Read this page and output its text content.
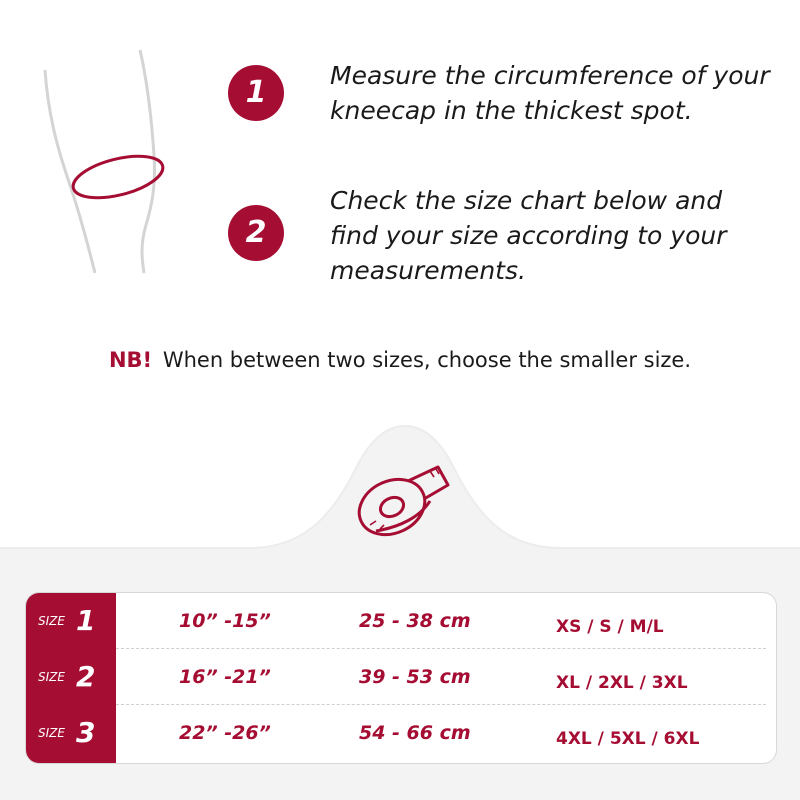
1	Measure the circumference of your kneecap in the thickest spot.
2
Check the size chart below and find your size according to your measurements.
NB! When between two sizes, choose the smaller size.
SIZE 1	10” -15”	25 - 38 cm	XS / S / M/L
SIZE 2	16” -21”	39 - 53 cm	XL / 2XL / 3XL
SIZE 3	22” -26”	54 - 66 cm	4XL / 5XL / 6XL
